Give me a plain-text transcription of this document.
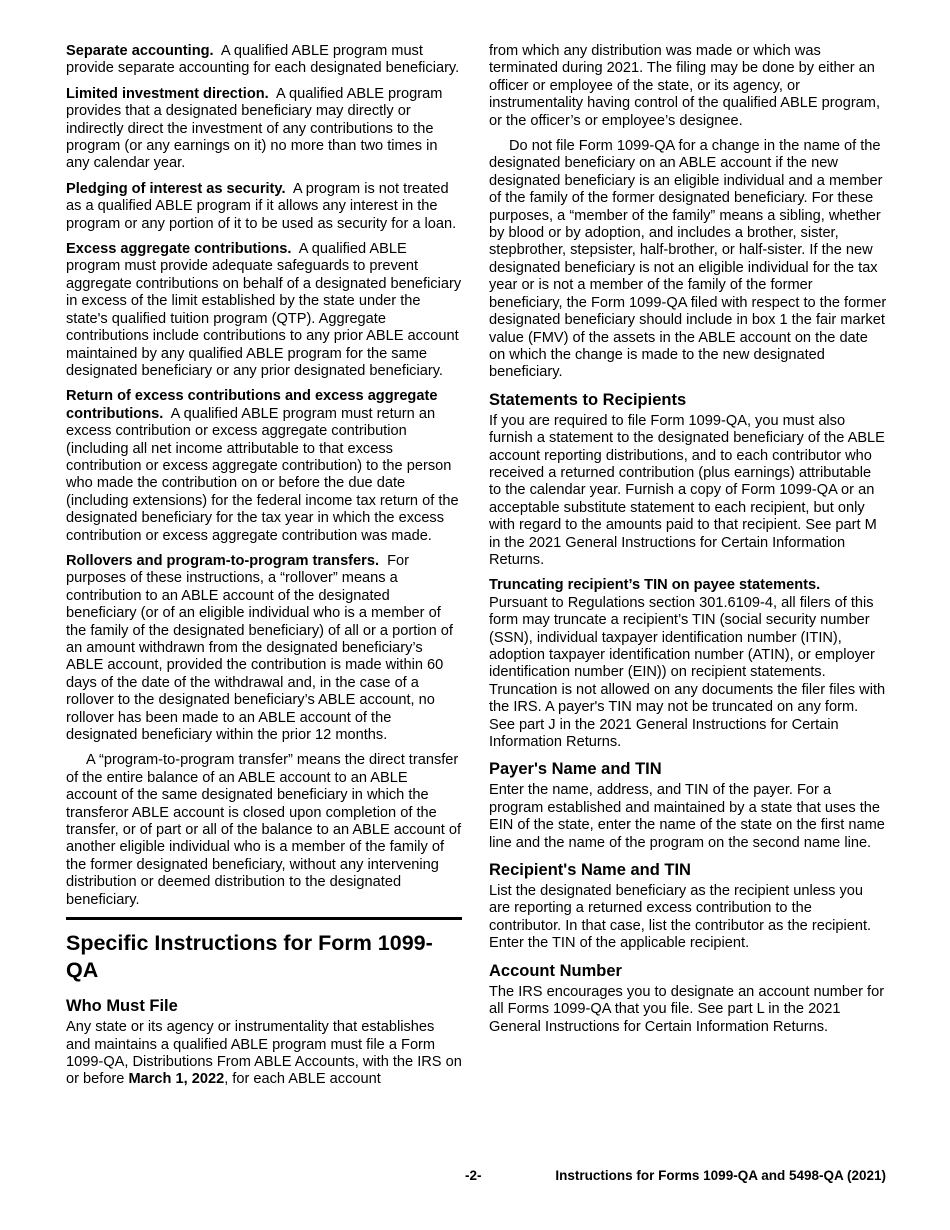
Separate accounting. A qualified ABLE program must provide separate accounting for each designated beneficiary.

Limited investment direction. A qualified ABLE program provides that a designated beneficiary may directly or indirectly direct the investment of any contributions to the program (or any earnings on it) no more than two times in any calendar year.

Pledging of interest as security. A program is not treated as a qualified ABLE program if it allows any interest in the program or any portion of it to be used as security for a loan.

Excess aggregate contributions. A qualified ABLE program must provide adequate safeguards to prevent aggregate contributions on behalf of a designated beneficiary in excess of the limit established by the state under the state's qualified tuition program (QTP). Aggregate contributions include contributions to any prior ABLE account maintained by any qualified ABLE program for the same designated beneficiary or any prior designated beneficiary.

Return of excess contributions and excess aggregate contributions. A qualified ABLE program must return an excess contribution or excess aggregate contribution (including all net income attributable to that excess contribution or excess aggregate contribution) to the person who made the contribution on or before the due date (including extensions) for the federal income tax return of the designated beneficiary for the tax year in which the excess contribution or excess aggregate contribution was made.

Rollovers and program-to-program transfers. For purposes of these instructions, a “rollover” means a contribution to an ABLE account of the designated beneficiary (or of an eligible individual who is a member of the family of the designated beneficiary) of all or a portion of an amount withdrawn from the designated beneficiary’s ABLE account, provided the contribution is made within 60 days of the date of the withdrawal and, in the case of a rollover to the designated beneficiary’s ABLE account, no rollover has been made to an ABLE account of the designated beneficiary within the prior 12 months.

A “program-to-program transfer” means the direct transfer of the entire balance of an ABLE account to an ABLE account of the same designated beneficiary in which the transferor ABLE account is closed upon completion of the transfer, or of part or all of the balance to an ABLE account of another eligible individual who is a member of the family of the former designated beneficiary, without any intervening distribution or deemed distribution to the designated beneficiary.

Specific Instructions for Form 1099-QA
Who Must File

Any state or its agency or instrumentality that establishes and maintains a qualified ABLE program must file a Form 1099-QA, Distributions From ABLE Accounts, with the IRS on or before March 1, 2022, for each ABLE account

from which any distribution was made or which was terminated during 2021. The filing may be done by either an officer or employee of the state, or its agency, or instrumentality having control of the qualified ABLE program, or the officer’s or employee’s designee.

Do not file Form 1099-QA for a change in the name of the designated beneficiary on an ABLE account if the new designated beneficiary is an eligible individual and a member of the family of the former designated beneficiary. For these purposes, a “member of the family” means a sibling, whether by blood or by adoption, and includes a brother, sister, stepbrother, stepsister, half-brother, or half-sister. If the new designated beneficiary is not an eligible individual for the tax year or is not a member of the family of the former beneficiary, the Form 1099-QA filed with respect to the former designated beneficiary should include in box 1 the fair market value (FMV) of the assets in the ABLE account on the date on which the change is made to the new designated beneficiary.

Statements to Recipients

If you are required to file Form 1099-QA, you must also furnish a statement to the designated beneficiary of the ABLE account reporting distributions, and to each contributor who received a returned contribution (plus earnings) attributable to the calendar year. Furnish a copy of Form 1099-QA or an acceptable substitute statement to each recipient, but only with regard to the amounts paid to that recipient. See part M in the 2021 General Instructions for Certain Information Returns.

Truncating recipient’s TIN on payee statements.
Pursuant to Regulations section 301.6109-4, all filers of this form may truncate a recipient’s TIN (social security number (SSN), individual taxpayer identification number (ITIN), adoption taxpayer identification number (ATIN), or employer identification number (EIN)) on recipient statements. Truncation is not allowed on any documents the filer files with the IRS. A payer's TIN may not be truncated on any form. See part J in the 2021 General Instructions for Certain Information Returns.

Payer's Name and TIN

Enter the name, address, and TIN of the payer. For a program established and maintained by a state that uses the EIN of the state, enter the name of the state on the first name line and the name of the program on the second name line.

Recipient's Name and TIN

List the designated beneficiary as the recipient unless you are reporting a returned excess contribution to the contributor. In that case, list the contributor as the recipient. Enter the TIN of the applicable recipient.

Account Number

The IRS encourages you to designate an account number for all Forms 1099-QA that you file. See part L in the 2021 General Instructions for Certain Information Returns.

-2-	Instructions for Forms 1099-QA and 5498-QA (2021)
